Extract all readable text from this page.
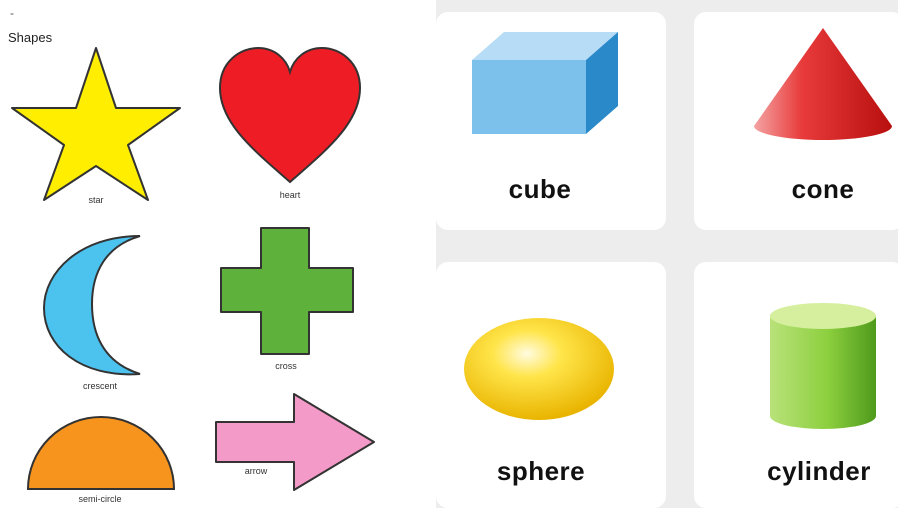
-
Shapes
star	heart
crescent
cross
semi-circle
arrow
cube	cone
sphere	cylinder
